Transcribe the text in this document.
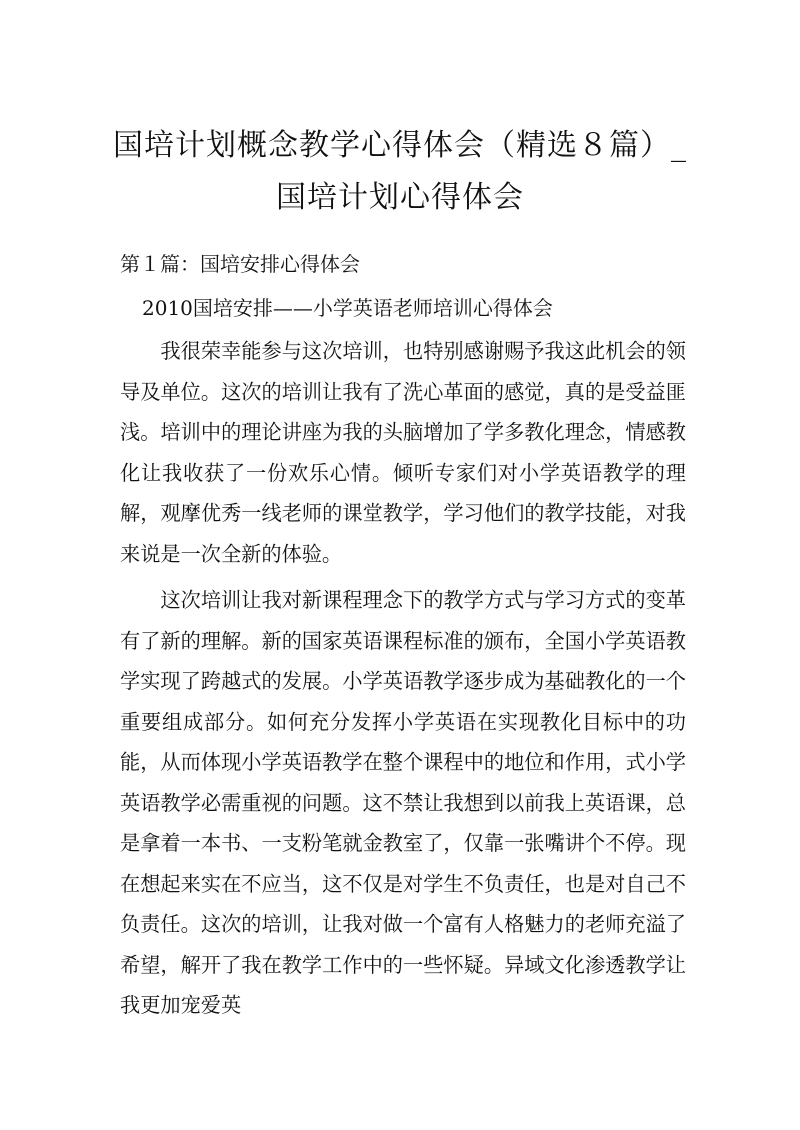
国培计划概念教学心得体会（精选８篇）_
国培计划心得体会
第１篇：国培安排心得体会
2010国培安排——小学英语老师培训心得体会

我很荣幸能参与这次培训，也特别感谢赐予我这此机会的领导及单位。这次的培训让我有了洗心革面的感觉，真的是受益匪浅。培训中的理论讲座为我的头脑增加了学多教化理念，情感教化让我收获了一份欢乐心情。倾听专家们对小学英语教学的理解，观摩优秀一线老师的课堂教学，学习他们的教学技能，对我来说是一次全新的体验。

这次培训让我对新课程理念下的教学方式与学习方式的变革有了新的理解。新的国家英语课程标准的颁布，全国小学英语教学实现了跨越式的发展。小学英语教学逐步成为基础教化的一个重要组成部分。如何充分发挥小学英语在实现教化目标中的功能，从而体现小学英语教学在整个课程中的地位和作用，式小学英语教学必需重视的问题。这不禁让我想到以前我上英语课，总是拿着一本书、一支粉笔就金教室了，仅靠一张嘴讲个不停。现在想起来实在不应当，这不仅是对学生不负责任，也是对自己不负责任。这次的培训，让我对做一个富有人格魅力的老师充溢了希望，解开了我在教学工作中的一些怀疑。异域文化渗透教学让我更加宠爱英
